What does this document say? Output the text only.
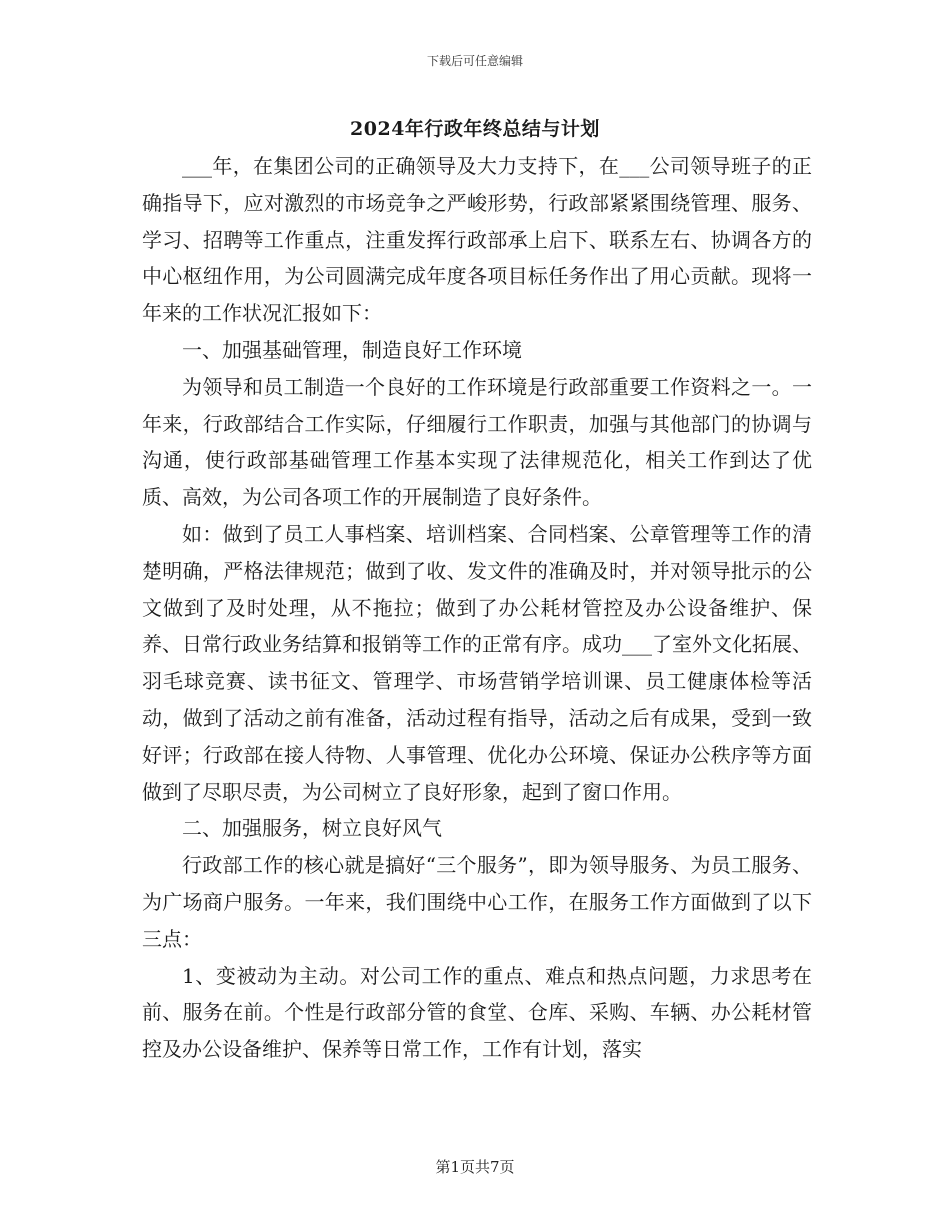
下载后可任意编辑
2024年行政年终总结与计划

___年，在集团公司的正确领导及大力支持下，在___公司领导班子的正确指导下，应对激烈的市场竞争之严峻形势，行政部紧紧围绕管理、服务、学习、招聘等工作重点，注重发挥行政部承上启下、联系左右、协调各方的中心枢纽作用，为公司圆满完成年度各项目标任务作出了用心贡献。现将一年来的工作状况汇报如下：

一、加强基础管理，制造良好工作环境

为领导和员工制造一个良好的工作环境是行政部重要工作资料之一。一年来，行政部结合工作实际，仔细履行工作职责，加强与其他部门的协调与沟通，使行政部基础管理工作基本实现了法律规范化，相关工作到达了优质、高效，为公司各项工作的开展制造了良好条件。

如：做到了员工人事档案、培训档案、合同档案、公章管理等工作的清楚明确，严格法律规范；做到了收、发文件的准确及时，并对领导批示的公文做到了及时处理，从不拖拉；做到了办公耗材管控及办公设备维护、保养、日常行政业务结算和报销等工作的正常有序。成功___了室外文化拓展、羽毛球竞赛、读书征文、管理学、市场营销学培训课、员工健康体检等活动，做到了活动之前有准备，活动过程有指导，活动之后有成果，受到一致好评；行政部在接人待物、人事管理、优化办公环境、保证办公秩序等方面做到了尽职尽责，为公司树立了良好形象，起到了窗口作用。

二、加强服务，树立良好风气

行政部工作的核心就是搞好“三个服务”，即为领导服务、为员工服务、为广场商户服务。一年来，我们围绕中心工作，在服务工作方面做到了以下三点：

1、变被动为主动。对公司工作的重点、难点和热点问题，力求思考在前、服务在前。个性是行政部分管的食堂、仓库、采购、车辆、办公耗材管控及办公设备维护、保养等日常工作，工作有计划，落实

第1页共7页
